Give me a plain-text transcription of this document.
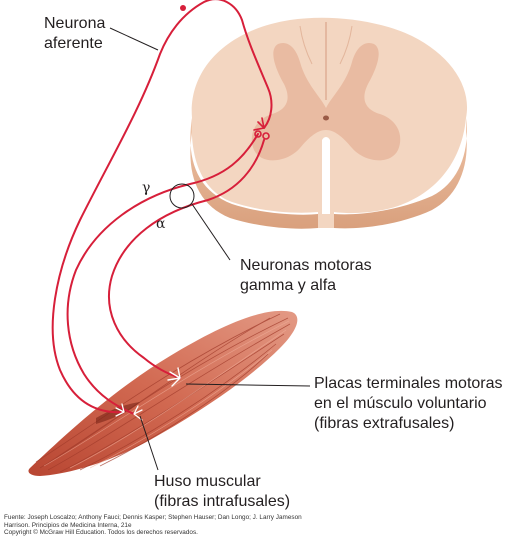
Neurona
aferente
γ
α
Neuronas motoras
gamma y alfa
Placas terminales motoras
en el músculo voluntario
(fibras extrafusales)
Huso muscular
(fibras intrafusales)
Fuente: Joseph Loscalzo; Anthony Fauci; Dennis Kasper; Stephen Hauser; Dan Longo; J. Larry Jameson
Harrison. Principios de Medicina Interna, 21e
Copyright © McGraw Hill Education. Todos los derechos reservados.
